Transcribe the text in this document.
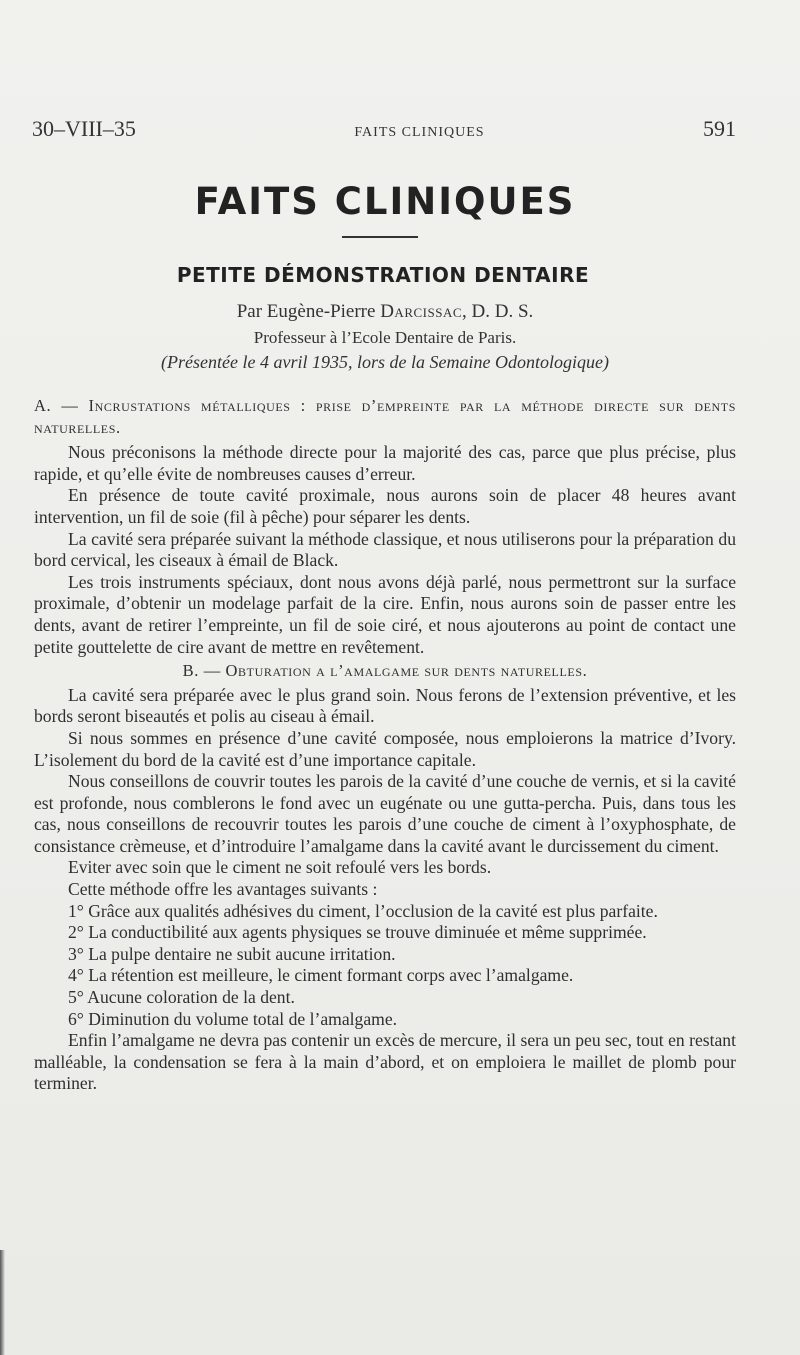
30–VIII–35	FAITS CLINIQUES	591
FAITS CLINIQUES
PETITE DÉMONSTRATION DENTAIRE
Par Eugène-Pierre Darcissac, D. D. S.
Professeur à l’Ecole Dentaire de Paris.
(Présentée le 4 avril 1935, lors de la Semaine Odontologique)

A. — Incrustations métalliques : prise d’empreinte par la méthode directe sur dents naturelles.

Nous préconisons la méthode directe pour la majorité des cas, parce que plus précise, plus rapide, et qu’elle évite de nombreuses causes d’erreur.

En présence de toute cavité proximale, nous aurons soin de placer 48 heures avant intervention, un fil de soie (fil à pêche) pour séparer les dents.

La cavité sera préparée suivant la méthode classique, et nous utiliserons pour la préparation du bord cervical, les ciseaux à émail de Black.

Les trois instruments spéciaux, dont nous avons déjà parlé, nous permettront sur la surface proximale, d’obtenir un modelage parfait de la cire. Enfin, nous aurons soin de passer entre les dents, avant de retirer l’empreinte, un fil de soie ciré, et nous ajouterons au point de contact une petite gouttelette de cire avant de mettre en revêtement.

B. — Obturation a l’amalgame sur dents naturelles.

La cavité sera préparée avec le plus grand soin. Nous ferons de l’extension préventive, et les bords seront biseautés et polis au ciseau à émail.

Si nous sommes en présence d’une cavité composée, nous emploierons la matrice d’Ivory. L’isolement du bord de la cavité est d’une importance capitale.

Nous conseillons de couvrir toutes les parois de la cavité d’une couche de vernis, et si la cavité est profonde, nous comblerons le fond avec un eugénate ou une gutta-percha. Puis, dans tous les cas, nous conseillons de recouvrir toutes les parois d’une couche de ciment à l’oxyphosphate, de consistance crèmeuse, et d’introduire l’amalgame dans la cavité avant le durcissement du ciment.

Eviter avec soin que le ciment ne soit refoulé vers les bords.

Cette méthode offre les avantages suivants :

1° Grâce aux qualités adhésives du ciment, l’occlusion de la cavité est plus parfaite.

2° La conductibilité aux agents physiques se trouve diminuée et même supprimée.

3° La pulpe dentaire ne subit aucune irritation.

4° La rétention est meilleure, le ciment formant corps avec l’amalgame.

5° Aucune coloration de la dent.

6° Diminution du volume total de l’amalgame.

Enfin l’amalgame ne devra pas contenir un excès de mercure, il sera un peu sec, tout en restant malléable, la condensation se fera à la main d’abord, et on emploiera le maillet de plomb pour terminer.
